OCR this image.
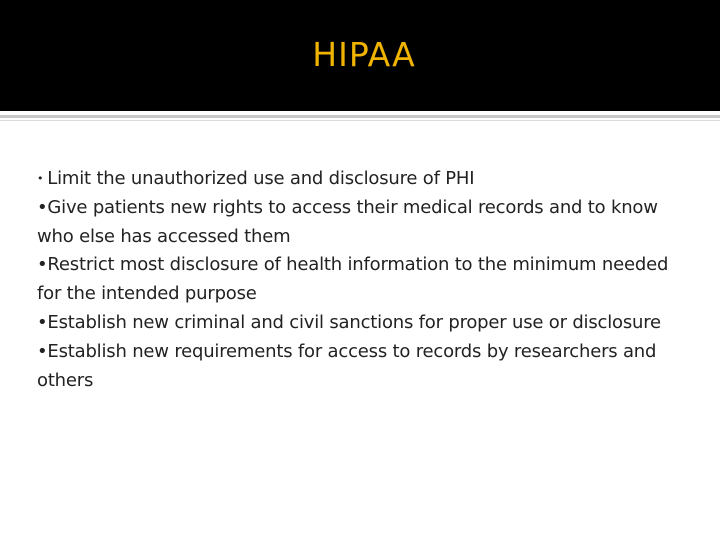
HIPAA

• Limit the unauthorized use and disclosure of PHI

•Give patients new rights to access their medical records and to know who else has accessed them

•Restrict most disclosure of health information to the minimum needed for the intended purpose

•Establish new criminal and civil sanctions for proper use or disclosure

•Establish new requirements for access to records by researchers and others
